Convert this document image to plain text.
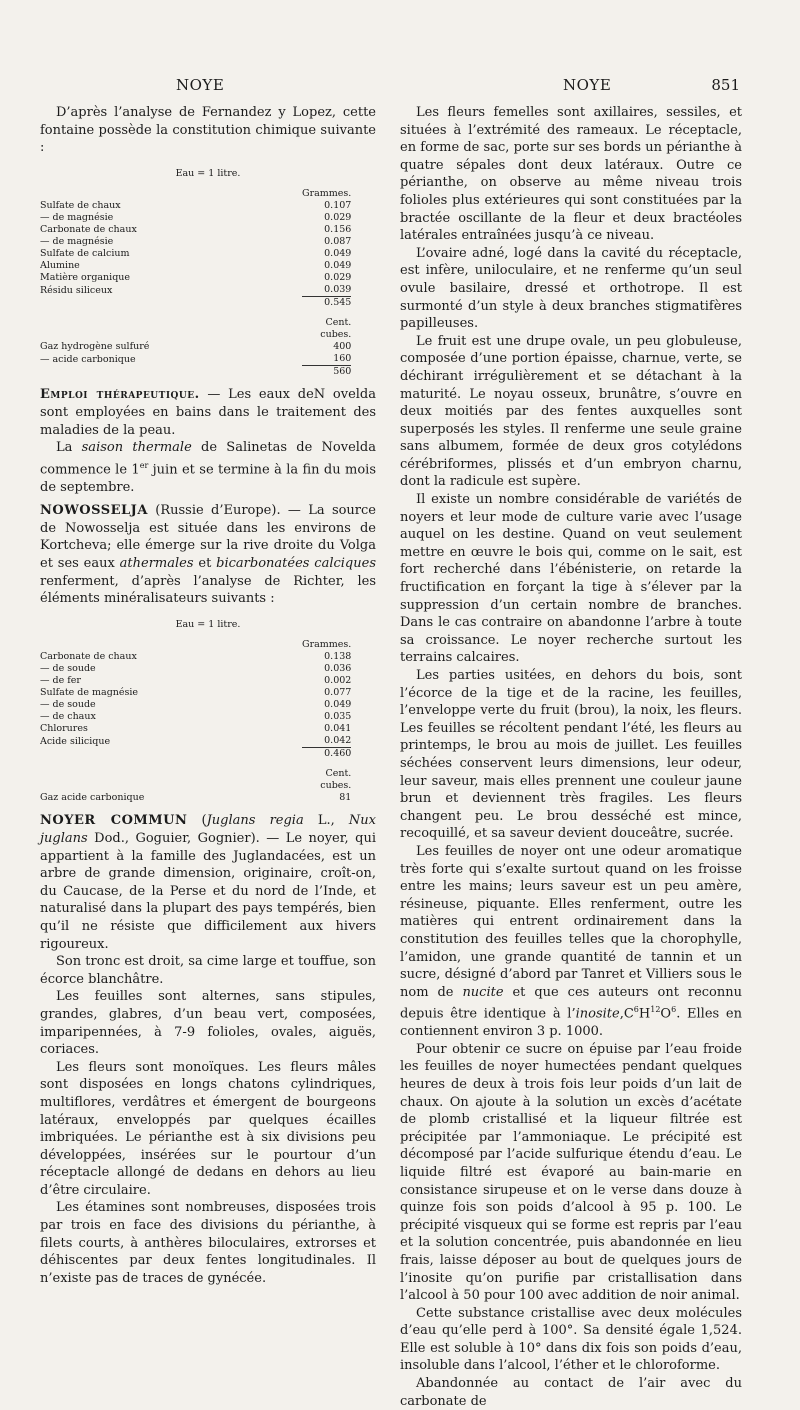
NOYE	NOYE	851

D’après l’analyse de Fernandez y Lopez, cette fontaine possède la constitution chimique suivante :

Eau = 1 litre.
	Grammes.
Sulfate de chaux	0.107
— de magnésie	0.029
Carbonate de chaux	0.156
— de magnésie	0.087
Sulfate de calcium	0.049
Alumine	0.049
Matière organique	0.029
Résidu siliceux	0.039
	0.545
	Cent. cubes.
Gaz hydrogène sulfuré	400
— acide carbonique	160
	560

Emploi thérapeutique. — Les eaux deN ovelda sont employées en bains dans le traitement des maladies de la peau.

La saison thermale de Salinetas de Novelda commence le 1er juin et se termine à la fin du mois de septembre.

NOWOSSELJA (Russie d’Europe). — La source de Nowosselja est située dans les environs de Kortcheva; elle émerge sur la rive droite du Volga et ses eaux athermales et bicarbonatées calciques renferment, d’après l’analyse de Richter, les éléments minéralisateurs suivants :

Eau = 1 litre.
	Grammes.
Carbonate de chaux	0.138
— de soude	0.036
— de fer	0.002
Sulfate de magnésie	0.077
— de soude	0.049
— de chaux	0.035
Chlorures	0.041
Acide silicique	0.042
	0.460
	Cent. cubes.
Gaz acide carbonique	81

NOYER COMMUN (Juglans regia L., Nux juglans Dod., Goguier, Gognier). — Le noyer, qui appartient à la famille des Juglandacées, est un arbre de grande dimension, originaire, croît-on, du Caucase, de la Perse et du nord de l’Inde, et naturalisé dans la plupart des pays tempérés, bien qu’il ne résiste que difficilement aux hivers rigoureux.

Son tronc est droit, sa cime large et touffue, son écorce blanchâtre.

Les feuilles sont alternes, sans stipules, grandes, glabres, d’un beau vert, composées, imparipennées, à 7-9 folioles, ovales, aiguës, coriaces.

Les fleurs sont monoïques. Les fleurs mâles sont disposées en longs chatons cylindriques, multiflores, verdâtres et émergent de bourgeons latéraux, enveloppés par quelques écailles imbriquées. Le périanthe est à six divisions peu développées, insérées sur le pourtour d’un réceptacle allongé de dedans en dehors au lieu d’être circulaire.

Les étamines sont nombreuses, disposées trois par trois en face des divisions du périanthe, à filets courts, à anthères biloculaires, extrorses et déhiscentes par deux fentes longitudinales. Il n’existe pas de traces de gynécée.

Les fleurs femelles sont axillaires, sessiles, et situées à l’extrémité des rameaux. Le réceptacle, en forme de sac, porte sur ses bords un périanthe à quatre sépales dont deux latéraux. Outre ce périanthe, on observe au même niveau trois folioles plus extérieures qui sont constituées par la bractée oscillante de la fleur et deux bractéoles latérales entraînées jusqu’à ce niveau.

L’ovaire adné, logé dans la cavité du réceptacle, est infère, uniloculaire, et ne renferme qu’un seul ovule basilaire, dressé et orthotrope. Il est surmonté d’un style à deux branches stigmatifères papilleuses.

Le fruit est une drupe ovale, un peu globuleuse, composée d’une portion épaisse, charnue, verte, se déchirant irrégulièrement et se détachant à la maturité. Le noyau osseux, brunâtre, s’ouvre en deux moitiés par des fentes auxquelles sont superposés les styles. Il renferme une seule graine sans albumem, formée de deux gros cotylédons cérébriformes, plissés et d’un embryon charnu, dont la radicule est supère.

Il existe un nombre considérable de variétés de noyers et leur mode de culture varie avec l’usage auquel on les destine. Quand on veut seulement mettre en œuvre le bois qui, comme on le sait, est fort recherché dans l’ébénisterie, on retarde la fructification en forçant la tige à s’élever par la suppression d’un certain nombre de branches. Dans le cas contraire on abandonne l’arbre à toute sa croissance. Le noyer recherche surtout les terrains calcaires.

Les parties usitées, en dehors du bois, sont l’écorce de la tige et de la racine, les feuilles, l’enveloppe verte du fruit (brou), la noix, les fleurs. Les feuilles se récoltent pendant l’été, les fleurs au printemps, le brou au mois de juillet. Les feuilles séchées conservent leurs dimensions, leur odeur, leur saveur, mais elles prennent une couleur jaune brun et deviennent très fragiles. Les fleurs changent peu. Le brou desséché est mince, recoquillé, et sa saveur devient douceâtre, sucrée.

Les feuilles de noyer ont une odeur aromatique très forte qui s’exalte surtout quand on les froisse entre les mains; leurs saveur est un peu amère, résineuse, piquante. Elles renferment, outre les matières qui entrent ordinairement dans la constitution des feuilles telles que la chorophylle, l’amidon, une grande quantité de tannin et un sucre, désigné d’abord par Tanret et Villiers sous le nom de nucite et que ces auteurs ont reconnu depuis être identique à $l’inosite,C^6H^{12}O^6$. Elles en contiennent environ 3 p. 1000.

Pour obtenir ce sucre on épuise par l’eau froide les feuilles de noyer humectées pendant quelques heures de deux à trois fois leur poids d’un lait de chaux. On ajoute à la solution un excès d’acétate de plomb cristallisé et la liqueur filtrée est précipitée par l’ammoniaque. Le précipité est décomposé par l’acide sulfurique étendu d’eau. Le liquide filtré est évaporé au bain-marie en consistance sirupeuse et on le verse dans douze à quinze fois son poids d’alcool à 95 p. 100. Le précipité visqueux qui se forme est repris par l’eau et la solution concentrée, puis abandonnée en lieu frais, laisse déposer au bout de quelques jours de l’inosite qu’on purifie par cristallisation dans l’alcool à 50 pour 100 avec addition de noir animal.

Cette substance cristallise avec deux molécules d’eau qu’elle perd à 100°. Sa densité égale 1,524. Elle est soluble à 10° dans dix fois son poids d’eau, insoluble dans l’alcool, l’éther et le chloroforme.

Abandonnée au contact de l’air avec du carbonate de
